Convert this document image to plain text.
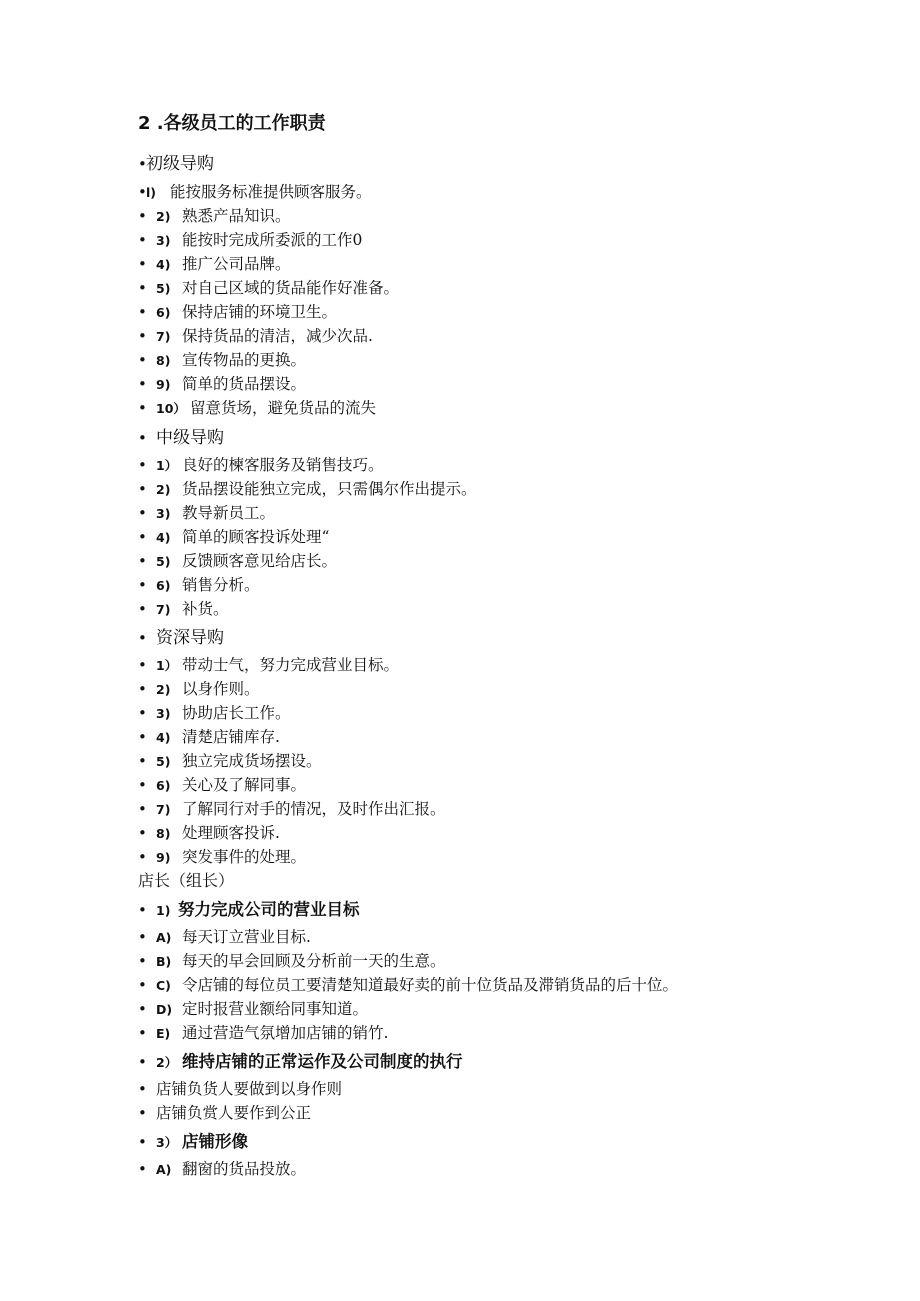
2 .各级员工的工作职责
• 初级导购
• l) 能按服务标准提供顾客服务。
• 2) 熟悉产品知识。
• 3) 能按时完成所委派的工作0
• 4) 推广公司品牌。
• 5) 对自己区域的货品能作好准备。
• 6) 保持店铺的环境卫生。
• 7) 保持货品的清洁，减少次品.
• 8) 宣传物品的更换。
• 9) 简单的货品摆设。
• 10） 留意货场，避免货品的流失
• 中级导购
• 1） 良好的楝客服务及销售技巧。
• 2) 货品摆设能独立完成，只需偶尔作出提示。
• 3) 教导新员工。
• 4) 简单的顾客投诉处理“
• 5) 反馈顾客意见给店长。
• 6) 销售分析。
• 7) 补货。
• 资深导购
• 1） 带动士气，努力完成营业目标。
• 2) 以身作则。
• 3) 协助店长工作。
• 4) 清楚店铺库存.
• 5) 独立完成货场摆设。
• 6) 关心及了解同事。
• 7) 了解同行对手的情况，及时作出汇报。
• 8) 处理顾客投诉.
• 9) 突发事件的处理。
店长（组长）
• 1) 努力完成公司的营业目标
• A) 每天订立营业目标.
• B) 每天的早会回顾及分析前一天的生意。
• C) 令店铺的每位员工要清楚知道最好卖的前十位货品及滞销货品的后十位。
• D) 定时报营业额给同事知道。
• E) 通过营造气氛增加店铺的销竹.
• 2） 维持店铺的正常运作及公司制度的执行
• 店铺负货人要做到以身作则
• 店铺负赏人要作到公正
• 3） 店铺形像
• A) 翻窗的货品投放。
